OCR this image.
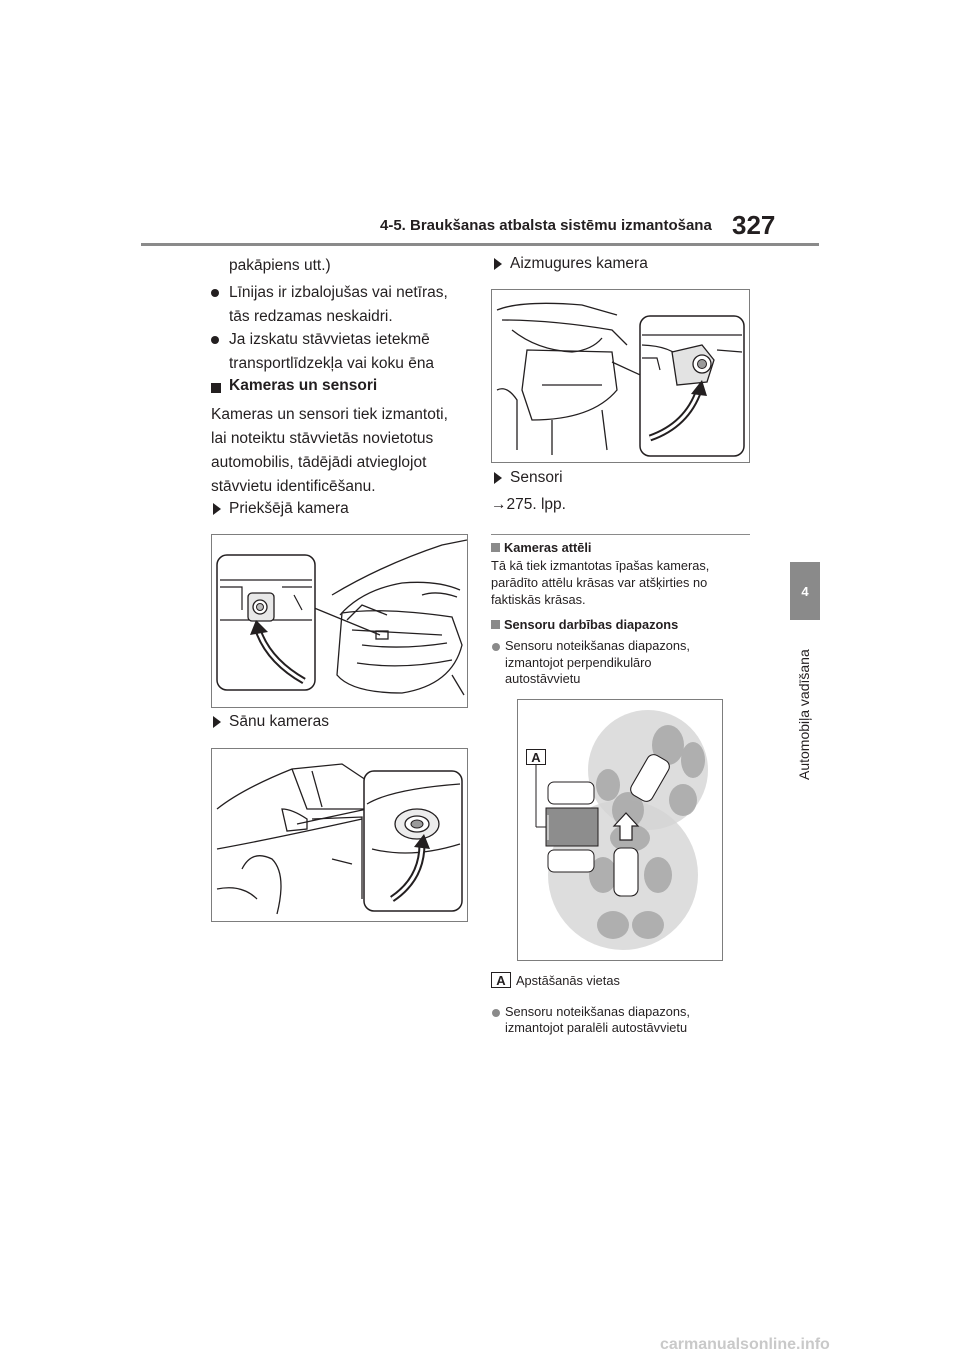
4-5. Braukšanas atbalsta sistēmu izmantošana 327
4
Automobiļa vadīšana
pakāpiens utt.)
Līnijas ir izbalojušas vai netīras,
tās redzamas neskaidri.
Ja izskatu stāvvietas ietekmē
transportlīdzekļa vai koku ēna
Kameras un sensori
Kameras un sensori tiek izmantoti,
lai noteiktu stāvvietās novietotus
automobilis, tādējādi atvieglojot
stāvvietu identificēšanu.
Priekšējā kamera
Sānu kameras
Aizmugures kamera
Sensori
→275. lpp.
Kameras attēli
Tā kā tiek izmantotas īpašas kameras,
parādīto attēlu krāsas var atšķirties no
faktiskās krāsas.
Sensoru darbības diapazons
Sensoru noteikšanas diapazons,
izmantojot perpendikulāro
autostāvvietu
A
A Apstāšanās vietas
Sensoru noteikšanas diapazons,
izmantojot paralēli autostāvvietu
carmanualsonline.info
